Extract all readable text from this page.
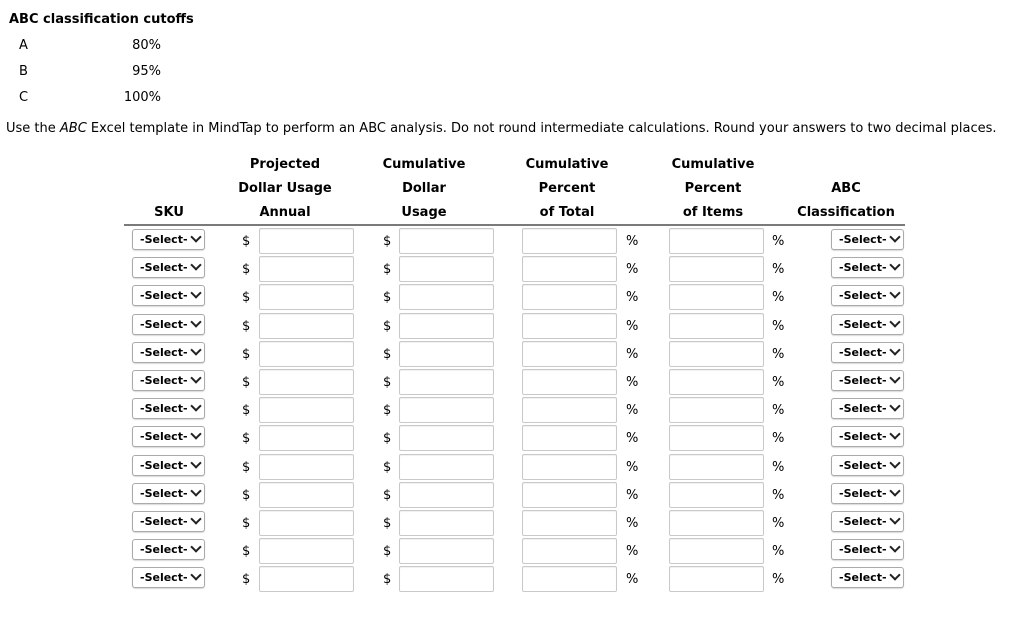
ABC classification cutoffs
A	80%
B	95%
C	100%
Use the ABC Excel template in MindTap to perform an ABC analysis. Do not round intermediate calculations. Round your answers to two decimal places.
SKU
Projected
Dollar Usage
Annual
Cumulative
Dollar
Usage
Cumulative
Percent
of Total
Cumulative
Percent
of Items
ABC
Classification
-Select-	$	$	%	%	-Select-
-Select-	$	$	%	%	-Select-
-Select-	$	$	%	%	-Select-
-Select-	$	$	%	%	-Select-
-Select-	$	$	%	%	-Select-
-Select-	$	$	%	%	-Select-
-Select-	$	$	%	%	-Select-
-Select-	$	$	%	%	-Select-
-Select-	$	$	%	%	-Select-
-Select-	$	$	%	%	-Select-
-Select-	$	$	%	%	-Select-
-Select-	$	$	%	%	-Select-
-Select-	$	$	%	%	-Select-
